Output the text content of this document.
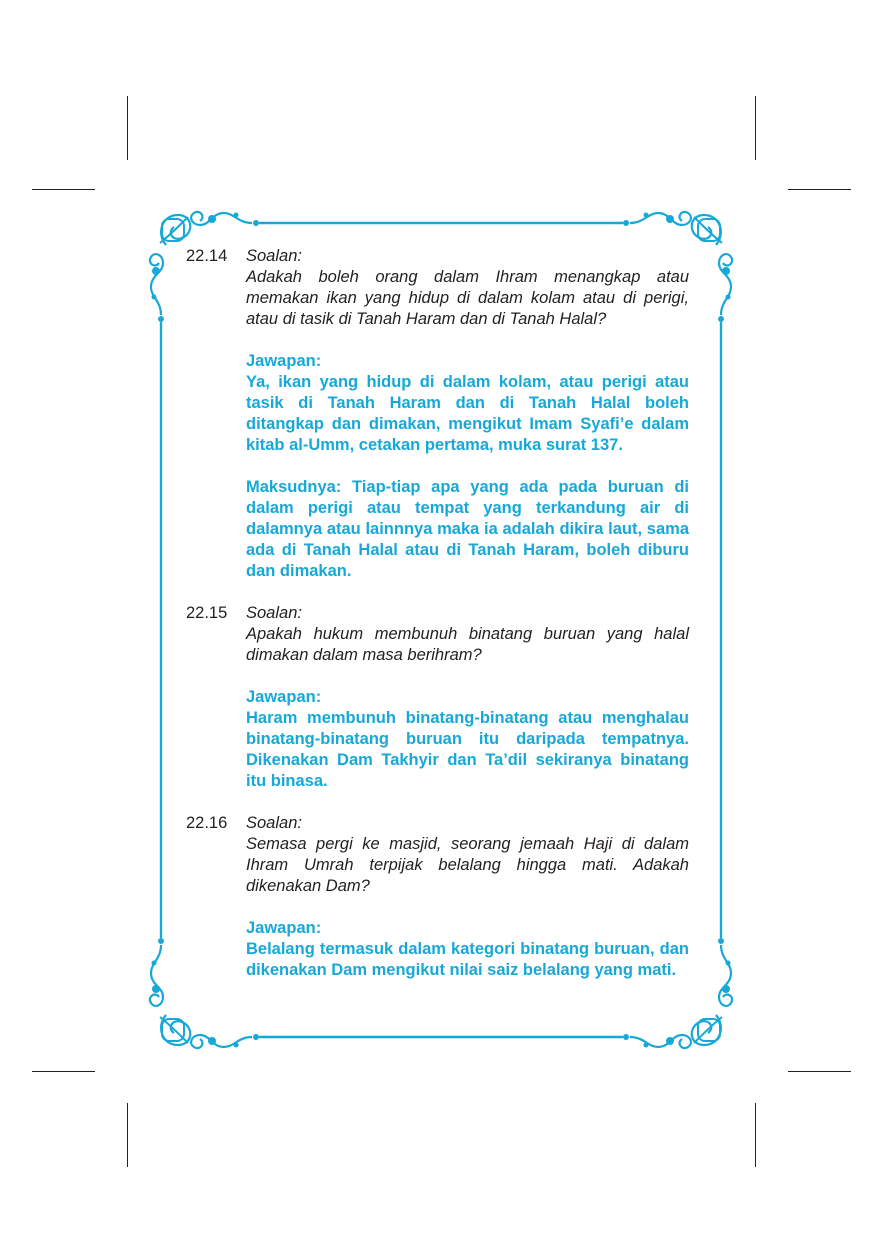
22.14 Soalan:

Adakah boleh orang dalam Ihram menangkap atau memakan ikan yang hidup di dalam kolam atau di perigi, atau di tasik di Tanah Haram dan di Tanah Halal?

Jawapan:

Ya, ikan yang hidup di dalam kolam, atau perigi atau tasik di Tanah Haram dan di Tanah Halal boleh ditangkap dan dimakan, mengikut Imam Syafi’e dalam kitab al-Umm, cetakan pertama, muka surat 137.

Maksudnya: Tiap-tiap apa yang ada pada buruan di dalam perigi atau tempat yang terkandung air di dalamnya atau lainnnya maka ia adalah dikira laut, sama ada di Tanah Halal atau di Tanah Haram, boleh diburu dan dimakan.

22.15 Soalan:

Apakah hukum membunuh binatang buruan yang halal dimakan dalam masa berihram?

Jawapan:

Haram membunuh binatang-binatang atau menghalau binatang-binatang buruan itu daripada tempatnya. Dikenakan Dam Takhyir dan Ta’dil sekiranya binatang itu binasa.

22.16 Soalan:

Semasa pergi ke masjid, seorang jemaah Haji di dalam Ihram Umrah terpijak belalang hingga mati. Adakah dikenakan Dam?

Jawapan:

Belalang termasuk dalam kategori binatang buruan, dan dikenakan Dam mengikut nilai saiz belalang yang mati.
